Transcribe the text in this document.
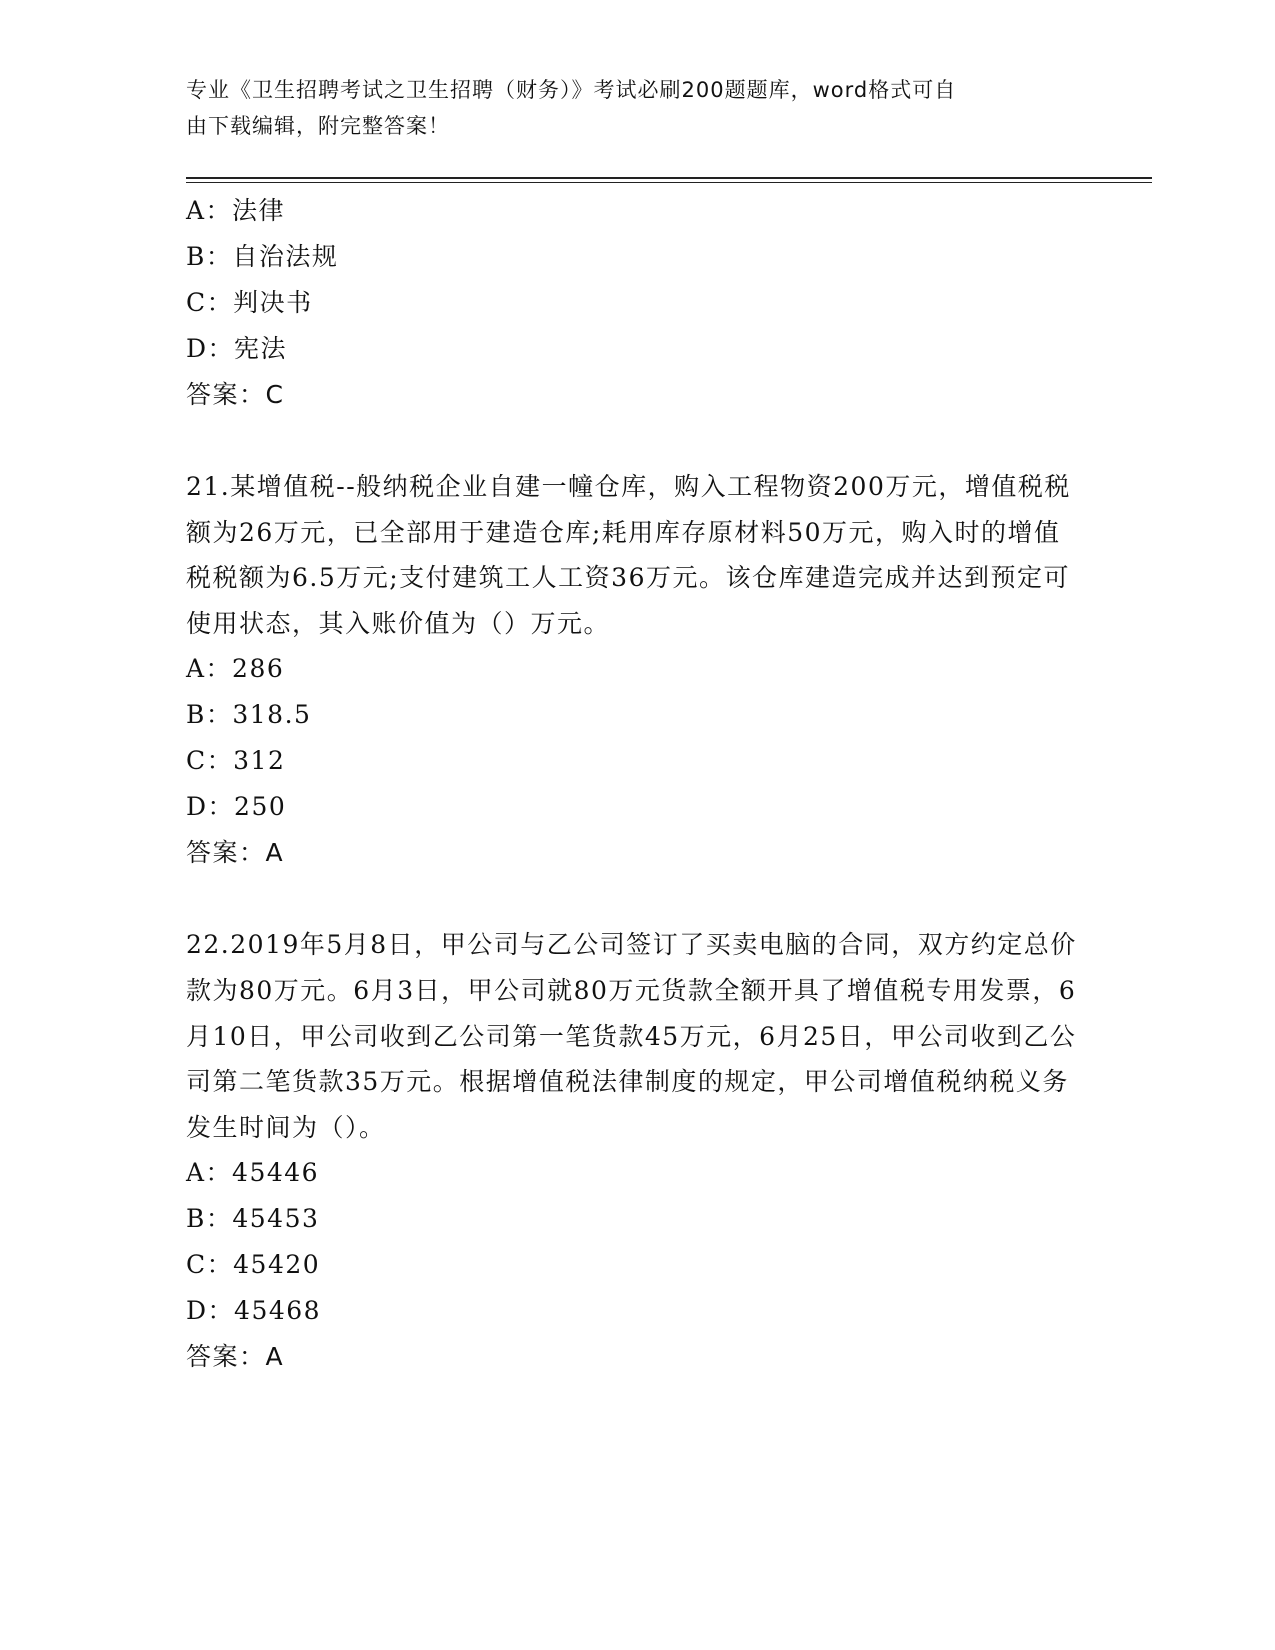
专业《卫生招聘考试之卫生招聘（财务）》考试必刷200题题库，word格式可自
由下载编辑，附完整答案！
A：法律
B：自治法规
C：判决书
D：宪法
答案：C
21.某增值税--般纳税企业自建一幢仓库，购入工程物资200万元，增值税税额为26万元，已全部用于建造仓库;耗用库存原材料50万元，购入时的增值税税额为6.5万元;支付建筑工人工资36万元。该仓库建造完成并达到预定可使用状态，其入账价值为（）万元。
A：286
B：318.5
C：312
D：250
答案：A
22.2019年5月8日，甲公司与乙公司签订了买卖电脑的合同，双方约定总价款为80万元。6月3日，甲公司就80万元货款全额开具了增值税专用发票，6月10日，甲公司收到乙公司第一笔货款45万元，6月25日，甲公司收到乙公司第二笔货款35万元。根据增值税法律制度的规定，甲公司增值税纳税义务发生时间为（）。
A：45446
B：45453
C：45420
D：45468
答案：A
